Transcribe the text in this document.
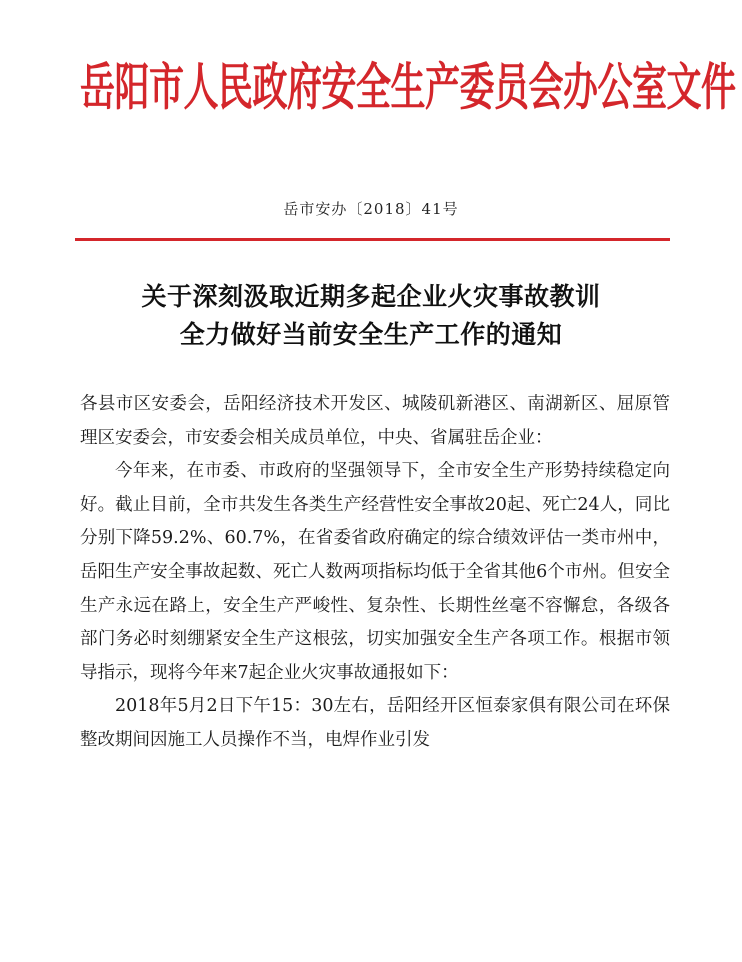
岳阳市人民政府安全生产委员会办公室文件
岳市安办〔2018〕41号
关于深刻汲取近期多起企业火灾事故教训
全力做好当前安全生产工作的通知

各县市区安委会，岳阳经济技术开发区、城陵矶新港区、南湖新区、屈原管理区安委会，市安委会相关成员单位，中央、省属驻岳企业：

今年来，在市委、市政府的坚强领导下，全市安全生产形势持续稳定向好。截止目前，全市共发生各类生产经营性安全事故20起、死亡24人，同比分别下降59.2%、60.7%，在省委省政府确定的综合绩效评估一类市州中，岳阳生产安全事故起数、死亡人数两项指标均低于全省其他6个市州。但安全生产永远在路上，安全生产严峻性、复杂性、长期性丝毫不容懈怠，各级各部门务必时刻绷紧安全生产这根弦，切实加强安全生产各项工作。根据市领导指示，现将今年来7起企业火灾事故通报如下：

2018年5月2日下午15：30左右，岳阳经开区恒泰家俱有限公司在环保整改期间因施工人员操作不当，电焊作业引发
